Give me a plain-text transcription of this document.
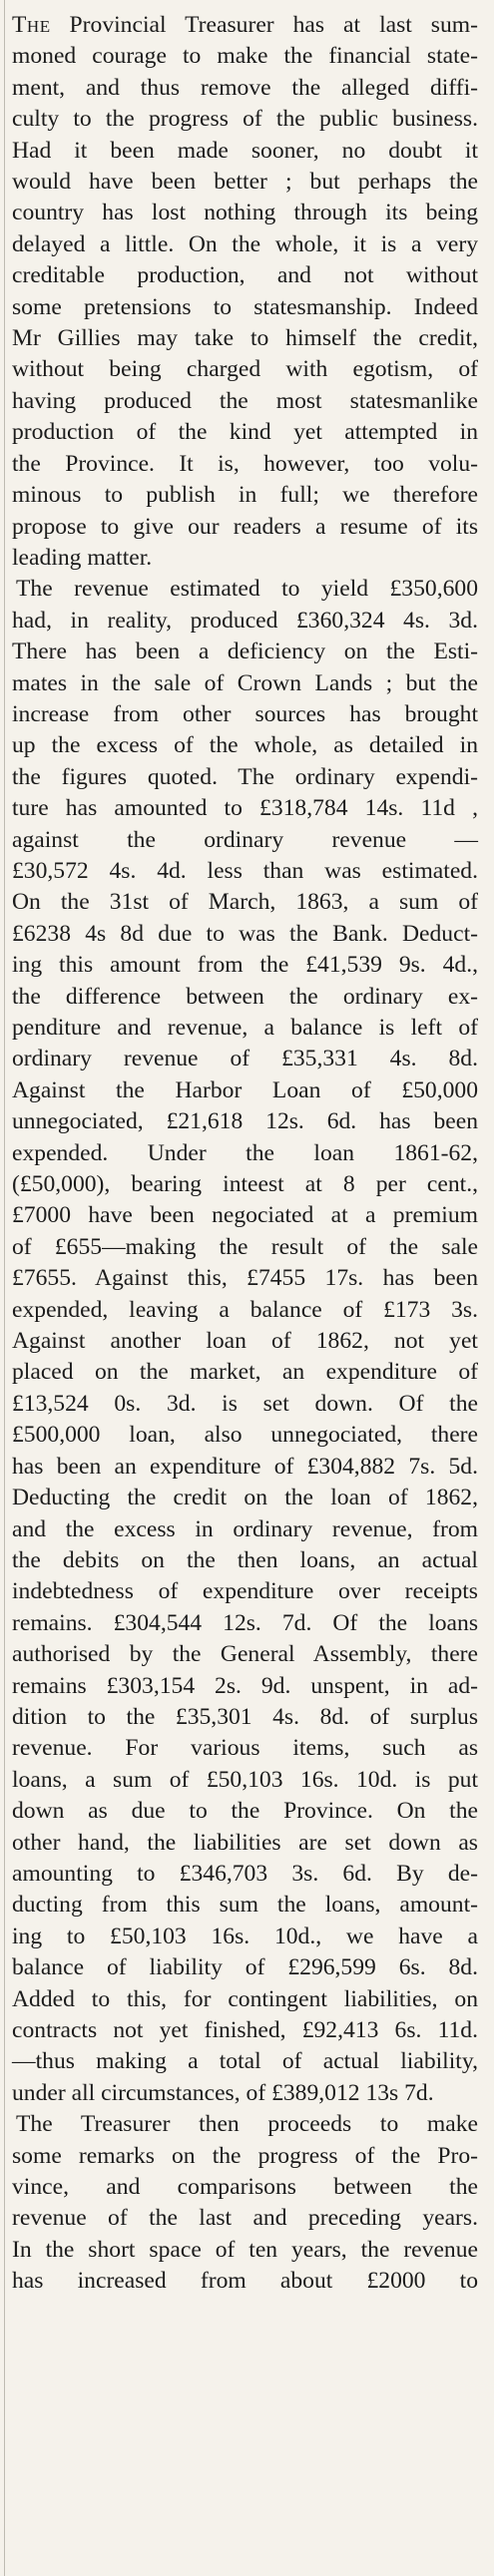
The Provincial Treasurer has at last sum-
moned courage to make the financial state-
ment, and thus remove the alleged diffi-
culty to the progress of the public business.
Had it been made sooner, no doubt it
would have been better ; but perhaps the
country has lost nothing through its being
delayed a little. On the whole, it is a very
creditable production, and not without
some pretensions to statesmanship. Indeed
Mr Gillies may take to himself the credit,
without being charged with egotism, of
having produced the most statesmanlike
production of the kind yet attempted in
the Province. It is, however, too volu-
minous to publish in full; we therefore
propose to give our readers a resume of its
leading matter.
The revenue estimated to yield £350,600
had, in reality, produced £360,324 4s. 3d.
There has been a deficiency on the Esti-
mates in the sale of Crown Lands ; but the
increase from other sources has brought
up the excess of the whole, as detailed in
the figures quoted. The ordinary expendi-
ture has amounted to £318,784 14s. 11d ,
against the ordinary revenue —
£30,572 4s. 4d. less than was estimated.
On the 31st of March, 1863, a sum of
£6238 4s 8d due to was the Bank. Deduct-
ing this amount from the £41,539 9s. 4d.,
the difference between the ordinary ex-
penditure and revenue, a balance is left of
ordinary revenue of £35,331 4s. 8d.
Against the Harbor Loan of £50,000
unnegociated, £21,618 12s. 6d. has been
expended. Under the loan 1861-62,
(£50,000), bearing inteest at 8 per cent.,
£7000 have been negociated at a premium
of £655—making the result of the sale
£7655. Against this, £7455 17s. has been
expended, leaving a balance of £173 3s.
Against another loan of 1862, not yet
placed on the market, an expenditure of
£13,524 0s. 3d. is set down. Of the
£500,000 loan, also unnegociated, there
has been an expenditure of £304,882 7s. 5d.
Deducting the credit on the loan of 1862,
and the excess in ordinary revenue, from
the debits on the then loans, an actual
indebtedness of expenditure over receipts
remains. £304,544 12s. 7d. Of the loans
authorised by the General Assembly, there
remains £303,154 2s. 9d. unspent, in ad-
dition to the £35,301 4s. 8d. of surplus
revenue. For various items, such as
loans, a sum of £50,103 16s. 10d. is put
down as due to the Province. On the
other hand, the liabilities are set down as
amounting to £346,703 3s. 6d. By de-
ducting from this sum the loans, amount-
ing to £50,103 16s. 10d., we have a
balance of liability of £296,599 6s. 8d.
Added to this, for contingent liabilities, on
contracts not yet finished, £92,413 6s. 11d.
—thus making a total of actual liability,
under all circumstances, of £389,012 13s 7d.
The Treasurer then proceeds to make
some remarks on the progress of the Pro-
vince, and comparisons between the
revenue of the last and preceding years.
In the short space of ten years, the revenue
has increased from about £2000 to
